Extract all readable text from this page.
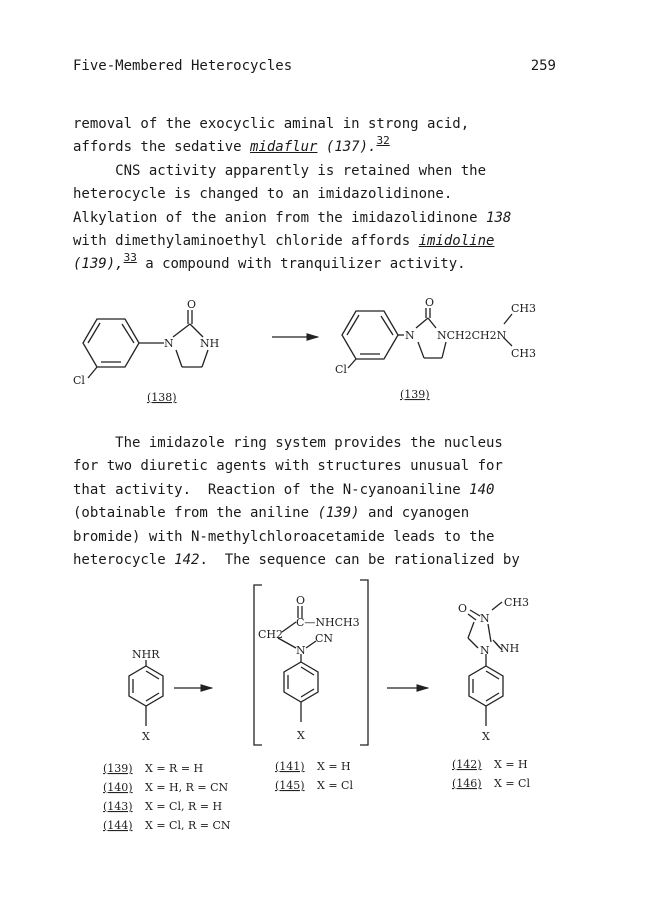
Five-Membered Heterocycles	259
removal of the exocyclic aminal in strong acid,
affords the sedative midaflur (137).$^{32}$
CNS activity apparently is retained when the
heterocycle is changed to an imidazolidinone.
Alkylation of the anion from the imidazolidinone 138
with dimethylaminoethyl chloride affords imidoline
(139),$^{33}$ a compound with tranquilizer activity.
The imidazole ring system provides the nucleus
for two diuretic agents with structures unusual for
that activity.  Reaction of the N-cyanoaniline 140
(obtainable from the aniline (139) and cyanogen
bromide) with N-methylchloroacetamide leads to the
heterocycle 142.  The sequence can be rationalized by
O
N NH
Cl
O
N NCH2CH2N
CH3
CH3
Cl
(138)	(139)
NHR
X
O
C—NHCH3
CH2	CN
N
X
O
N
CH3
N NH
X
(139) X = R = H
(140) X = H, R = CN
(143) X = Cl, R = H
(144) X = Cl, R = CN
(141) X = H
(145) X = Cl
(142) X = H
(146) X = Cl
